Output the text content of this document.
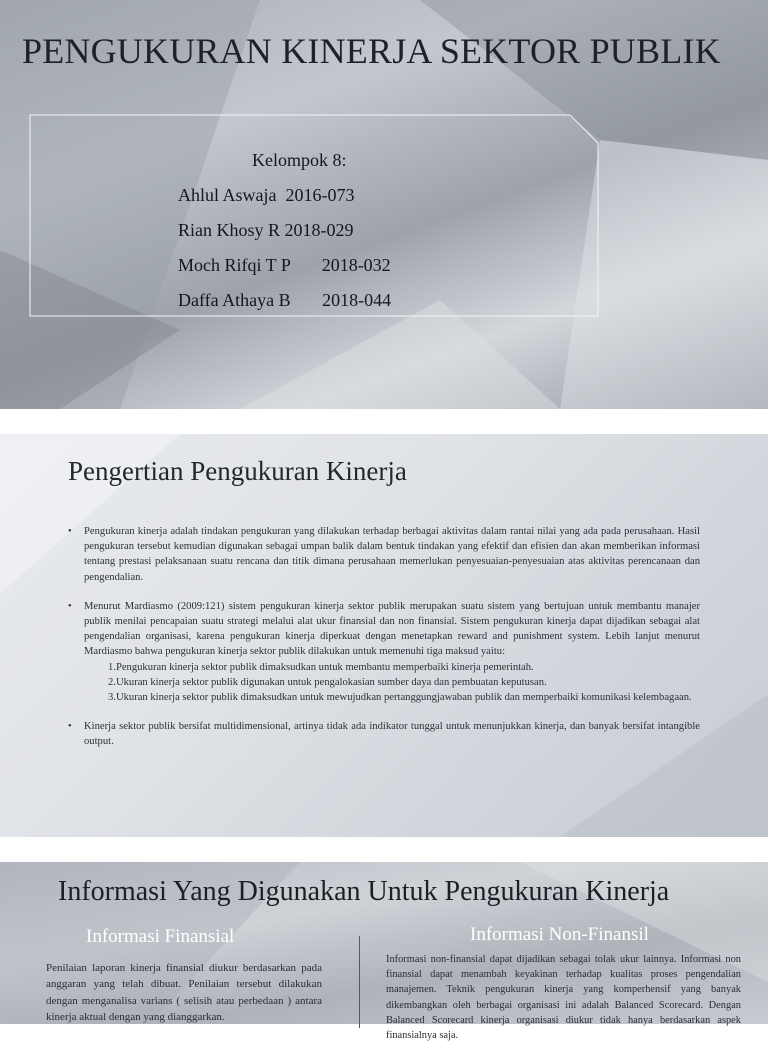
PENGUKURAN KINERJA SEKTOR PUBLIK
Kelompok 8:
Ahlul Aswaja  2016-073
Rian Khosy R 2018-029
Moch Rifqi T P       2018-032
Daffa Athaya B       2018-044
Pengertian Pengukuran Kinerja
• Pengukuran kinerja adalah tindakan pengukuran yang dilakukan terhadap berbagai aktivitas dalam rantai nilai yang ada pada perusahaan. Hasil pengukuran tersebut kemudian digunakan sebagai umpan balik dalam bentuk tindakan yang efektif dan efisien dan akan memberikan informasi tentang prestasi pelaksanaan suatu rencana dan titik dimana perusahaan memerlukan penyesuaian-penyesuaian atas aktivitas perencanaan dan pengendalian.
• Menurut Mardiasmo (2009:121) sistem pengukuran kinerja sektor publik merupakan suatu sistem yang bertujuan untuk membantu manajer publik menilai pencapaian suatu strategi melalui alat ukur finansial dan non finansial. Sistem pengukuran kinerja dapat dijadikan sebagai alat pengendalian organisasi, karena pengukuran kinerja diperkuat dengan menetapkan reward and punishment system. Lebih lanjut menurut Mardiasmo bahwa pengukuran kinerja sektor publik dilakukan untuk memenuhi tiga maksud yaitu:
1.Pengukuran kinerja sektor publik dimaksudkan untuk membantu memperbaiki kinerja pemerintah.
2.Ukuran kinerja sektor publik digunakan untuk pengalokasian sumber daya dan pembuatan keputusan.
3.Ukuran kinerja sektor publik dimaksudkan untuk mewujudkan pertanggungjawaban publik dan memperbaiki komunikasi kelembagaan.
• Kinerja sektor publik bersifat multidimensional, artinya tidak ada indikator tunggal untuk menunjukkan kinerja, dan banyak bersifat intangible output.
Informasi Yang Digunakan Untuk Pengukuran Kinerja
Informasi Finansial
Penilaian laporan kinerja finansial diukur berdasarkan pada anggaran yang telah dibuat. Penilaian tersebut dilakukan dengan menganalisa varians ( selisih atau perbedaan ) antara kinerja aktual dengan yang dianggarkan.
Informasi Non-Finansil
Informasi non-finansial dapat dijadikan sebagai tolak ukur lainnya. Informasi non finansial dapat menambah keyakinan terhadap kualitas proses pengendalian manajemen. Teknik pengukuran kinerja yang komperhensif yang banyak dikembangkan oleh berbagai organisasi ini adalah Balanced Scorecard. Dengan Balanced Scorecard kinerja organisasi diukur tidak hanya berdasarkan aspek finansialnya saja.
